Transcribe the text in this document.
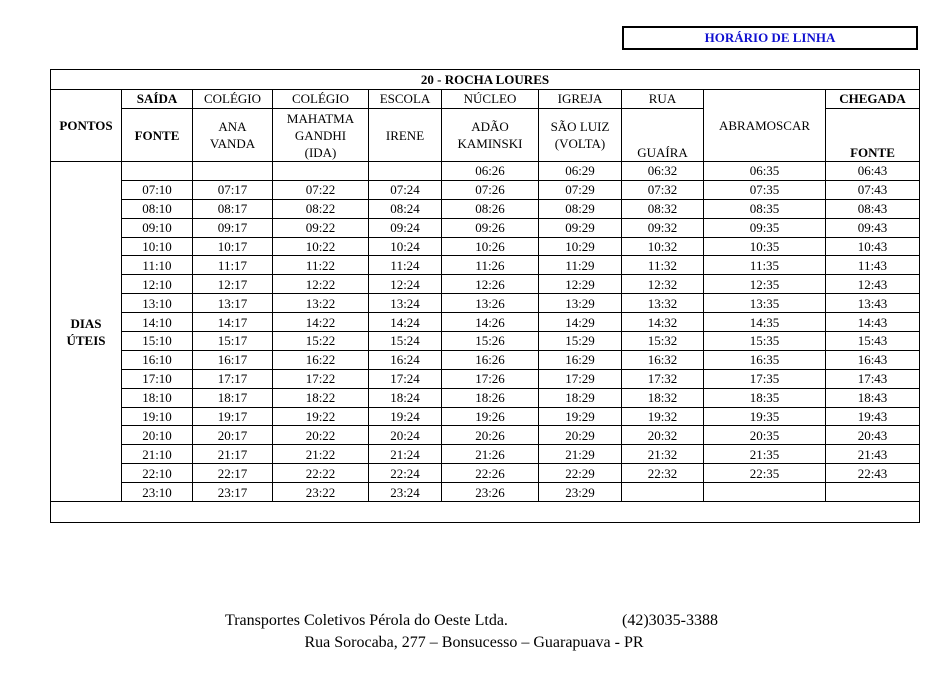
HORÁRIO DE LINHA
20 - ROCHA LOURES									
PONTOS	SAÍDA	COLÉGIO	COLÉGIO	ESCOLA	NÚCLEO	IGREJA	RUA	ABRAMOSCAR	CHEGADA
	FONTE	ANA
VANDA	MAHATMA
GANDHI
(IDA)	IRENE	ADÃO
KAMINSKI	SÃO LUIZ
(VOLTA)	GUAÍRA		FONTE
DIAS
ÚTEIS					06:26	06:29	06:32	06:35	06:43
	07:10	07:17	07:22	07:24	07:26	07:29	07:32	07:35	07:43
	08:10	08:17	08:22	08:24	08:26	08:29	08:32	08:35	08:43
	09:10	09:17	09:22	09:24	09:26	09:29	09:32	09:35	09:43
	10:10	10:17	10:22	10:24	10:26	10:29	10:32	10:35	10:43
	11:10	11:17	11:22	11:24	11:26	11:29	11:32	11:35	11:43
	12:10	12:17	12:22	12:24	12:26	12:29	12:32	12:35	12:43
	13:10	13:17	13:22	13:24	13:26	13:29	13:32	13:35	13:43
	14:10	14:17	14:22	14:24	14:26	14:29	14:32	14:35	14:43
	15:10	15:17	15:22	15:24	15:26	15:29	15:32	15:35	15:43
	16:10	16:17	16:22	16:24	16:26	16:29	16:32	16:35	16:43
	17:10	17:17	17:22	17:24	17:26	17:29	17:32	17:35	17:43
	18:10	18:17	18:22	18:24	18:26	18:29	18:32	18:35	18:43
	19:10	19:17	19:22	19:24	19:26	19:29	19:32	19:35	19:43
	20:10	20:17	20:22	20:24	20:26	20:29	20:32	20:35	20:43
	21:10	21:17	21:22	21:24	21:26	21:29	21:32	21:35	21:43
	22:10	22:17	22:22	22:24	22:26	22:29	22:32	22:35	22:43
	23:10	23:17	23:22	23:24	23:26	23:29			

Transportes Coletivos Pérola do Oeste Ltda.	(42)3035-3388
Rua Sorocaba, 277 – Bonsucesso – Guarapuava - PR
